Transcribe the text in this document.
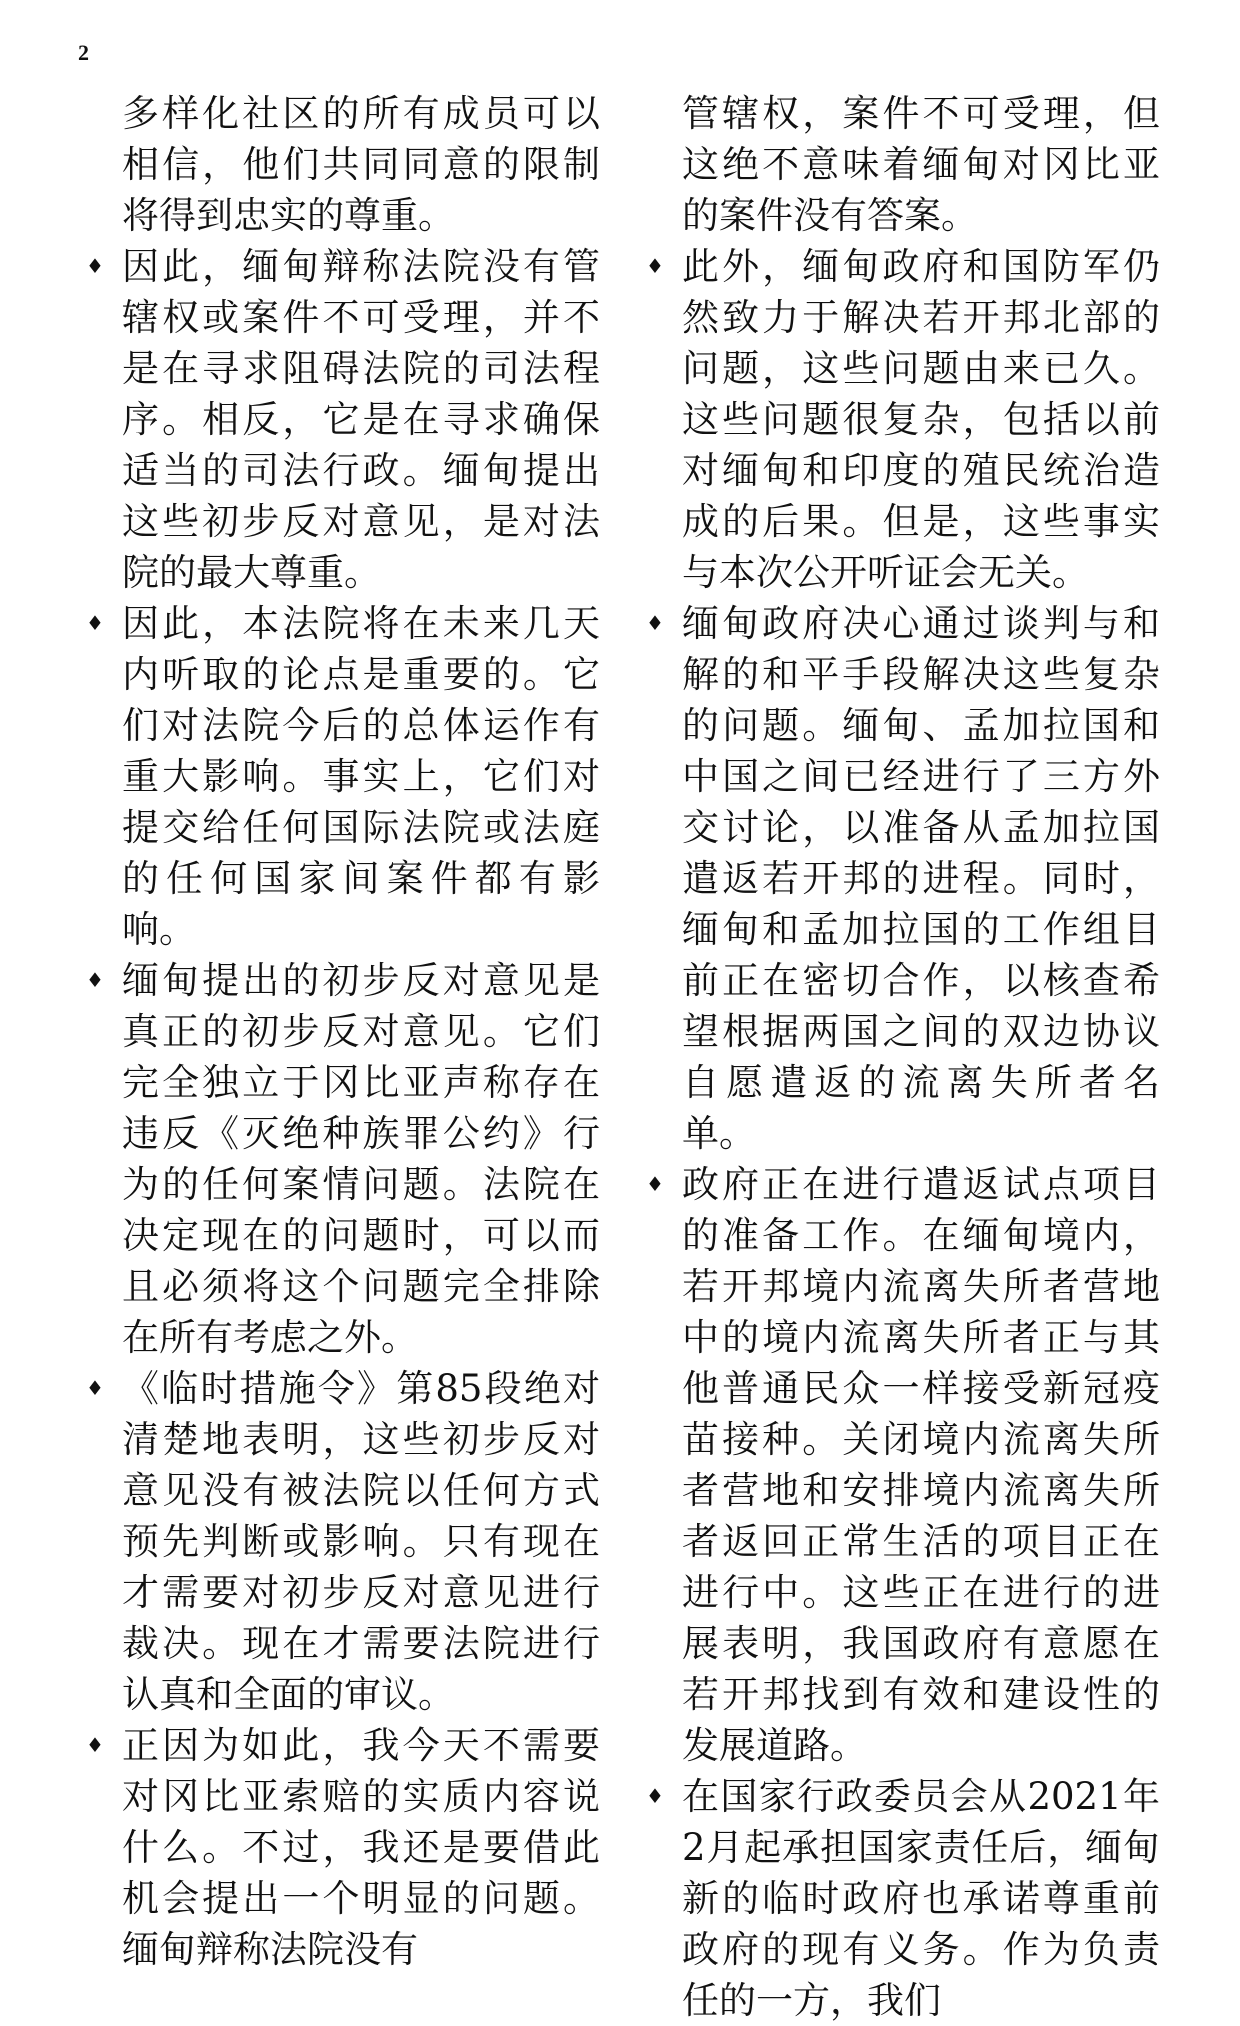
2

多样化社区的所有成员可以相信，他们共同同意的限制将得到忠实的尊重。

♦ 因此，缅甸辩称法院没有管辖权或案件不可受理，并不是在寻求阻碍法院的司法程序。相反，它是在寻求确保适当的司法行政。缅甸提出这些初步反对意见，是对法院的最大尊重。

♦ 因此，本法院将在未来几天内听取的论点是重要的。它们对法院今后的总体运作有重大影响。事实上，它们对提交给任何国际法院或法庭的任何国家间案件都有影响。

♦ 缅甸提出的初步反对意见是真正的初步反对意见。它们完全独立于冈比亚声称存在违反《灭绝种族罪公约》行为的任何案情问题。法院在决定现在的问题时，可以而且必须将这个问题完全排除在所有考虑之外。

♦ 《临时措施令》第85段绝对清楚地表明，这些初步反对意见没有被法院以任何方式预先判断或影响。只有现在才需要对初步反对意见进行裁决。现在才需要法院进行认真和全面的审议。

♦ 正因为如此，我今天不需要对冈比亚索赔的实质内容说什么。不过，我还是要借此机会提出一个明显的问题。缅甸辩称法院没有

管辖权，案件不可受理，但这绝不意味着缅甸对冈比亚的案件没有答案。

♦ 此外，缅甸政府和国防军仍然致力于解决若开邦北部的问题，这些问题由来已久。这些问题很复杂，包括以前对缅甸和印度的殖民统治造成的后果。但是，这些事实与本次公开听证会无关。

♦ 缅甸政府决心通过谈判与和解的和平手段解决这些复杂的问题。缅甸、孟加拉国和中国之间已经进行了三方外交讨论，以准备从孟加拉国遣返若开邦的进程。同时，缅甸和孟加拉国的工作组目前正在密切合作，以核查希望根据两国之间的双边协议自愿遣返的流离失所者名单。

♦ 政府正在进行遣返试点项目的准备工作。在缅甸境内，若开邦境内流离失所者营地中的境内流离失所者正与其他普通民众一样接受新冠疫苗接种。关闭境内流离失所者营地和安排境内流离失所者返回正常生活的项目正在进行中。这些正在进行的进展表明，我国政府有意愿在若开邦找到有效和建设性的发展道路。

♦ 在国家行政委员会从2021年2月起承担国家责任后，缅甸新的临时政府也承诺尊重前政府的现有义务。作为负责任的一方，我们
